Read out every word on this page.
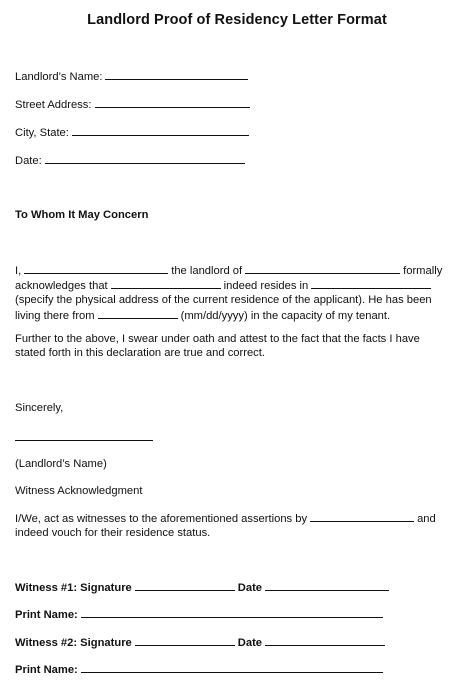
Landlord Proof of Residency Letter Format
Landlord’s Name:
Street Address:
City, State:
Date:
To Whom It May Concern
I,	the landlord of	formally
acknowledges that	indeed resides in
(specify the physical address of the current residence of the applicant). He has been
living there from	(mm/dd/yyyy) in the capacity of my tenant.
Further to the above, I swear under oath and attest to the fact that the facts I have
stated forth in this declaration are true and correct.
Sincerely,
(Landlord’s Name)
Witness Acknowledgment
I/We, act as witnesses to the aforementioned assertions by	and
indeed vouch for their residence status.
Witness #1: Signature	Date
Print Name:
Witness #2: Signature	Date
Print Name:
